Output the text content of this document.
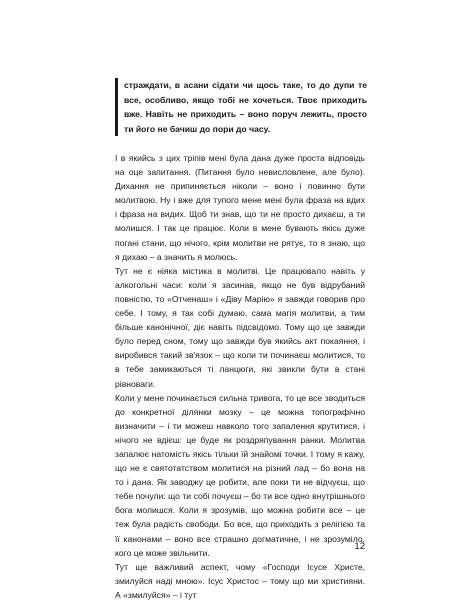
страждати, в асани сідати чи щось таке, то до дупи те все, особливо, якщо тобі не хочеться. Твоє приходить вже. Навіть не приходить – воно поруч лежить, просто ти його не бачиш до пори до часу.

І в якийсь з цих тріпів мені була дана дуже проста відповідь на оце запитання. (Питання було невисловлене, але було). Дихання не припиняється ніколи – воно і повинно бути молитвою. Ну і вже для тупого мене мені була фраза на вдих і фраза на видих. Щоб ти знав, що ти не просто дихаєш, а ти молишся. І так це працює. Коли в мене бувають якісь дуже погані стани, що нічого, крім молитви не рятує, то я знаю, що я дихаю – а значить я молюсь.

Тут не є ніяка містика в молитві. Це працювало навіть у алкогольні часи: коли я засинав, якщо не був відрубаний повністю, то «Отченаш» і «Діву Марію» я завжди говорив про себе. І тому, я так собі думаю, сама магія молитви, а тим більше канонічної, діє навіть підсвідомо. Тому що це завжди було перед сном, тому що завжди був якийсь акт покаяння, і виробився такий зв'язок – що коли ти починаєш молитися, то в тебе замикаються ті ланцюги, які звикли бути в стані рівноваги.

Коли у мене починається сильна тривога, то це все зводиться до конкретної ділянки мозку – це можна топографічно визначити – і ти можеш навколо того запалення крутитися, і нічого не вдієш: це буде як роздряпування ранки. Молитва запалює натомість якісь тільки їй знайомі точки. І тому я кажу, що не є святотатством молитися на різний лад – бо вона на то і дана. Як заводжу це робити, але поки ти не відчуєш, що тебе почули: що ти собі почуєш – бо ти все одно внутрішнього бога молишся. Коли я зрозумів, що можна робити все – це теж була радість свободи. Бо все, що приходить з релігією та її канонами – воно все страшно догматичне, і не зрозуміло, кого це може звільнити.

Тут ще важливий аспект, чому «Господи Ісусе Христе, змилуйся наді мною». Ісус Христос – тому що ми християни. А «змилуйся» – і тут

12
